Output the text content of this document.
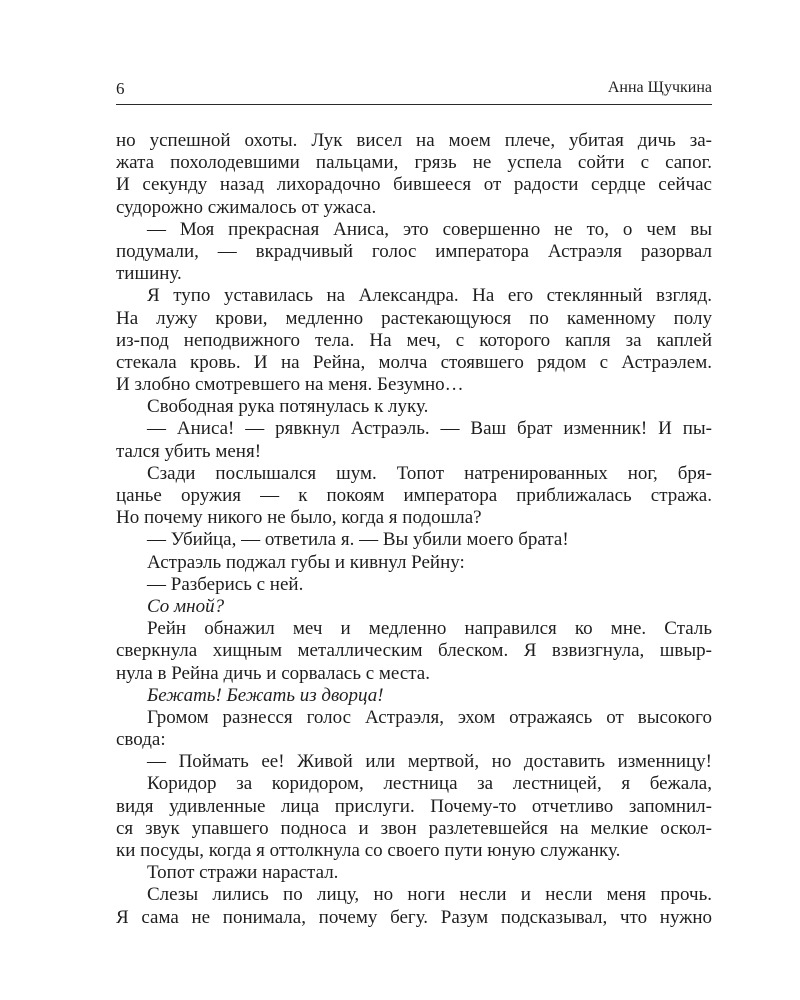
6	Анна Щучкина
но успешной охоты. Лук висел на моем плече, убитая дичь за-
жата похолодевшими пальцами, грязь не успела сойти с сапог.
И секунду назад лихорадочно бившееся от радости сердце сейчас
судорожно сжималось от ужаса.
— Моя прекрасная Аниса, это совершенно не то, о чем вы
подумали, — вкрадчивый голос императора Астраэля разорвал
тишину.
Я тупо уставилась на Александра. На его стеклянный взгляд.
На лужу крови, медленно растекающуюся по каменному полу
из-под неподвижного тела. На меч, с которого капля за каплей
стекала кровь. И на Рейна, молча стоявшего рядом с Астраэлем.
И злобно смотревшего на меня. Безумно…
Свободная рука потянулась к луку.
— Аниса! — рявкнул Астраэль. — Ваш брат изменник! И пы-
тался убить меня!
Сзади послышался шум. Топот натренированных ног, бря-
цанье оружия — к покоям императора приближалась стража.
Но почему никого не было, когда я подошла?
— Убийца, — ответила я. — Вы убили моего брата!
Астраэль поджал губы и кивнул Рейну:
— Разберись с ней.
Со мной?
Рейн обнажил меч и медленно направился ко мне. Сталь
сверкнула хищным металлическим блеском. Я взвизгнула, швыр-
нула в Рейна дичь и сорвалась с места.
Бежать! Бежать из дворца!
Громом разнесся голос Астраэля, эхом отражаясь от высокого
свода:
— Поймать ее! Живой или мертвой, но доставить изменницу!
Коридор за коридором, лестница за лестницей, я бежала,
видя удивленные лица прислуги. Почему-то отчетливо запомнил-
ся звук упавшего подноса и звон разлетевшейся на мелкие оскол-
ки посуды, когда я оттолкнула со своего пути юную служанку.
Топот стражи нарастал.
Слезы лились по лицу, но ноги несли и несли меня прочь.
Я сама не понимала, почему бегу. Разум подсказывал, что нужно
